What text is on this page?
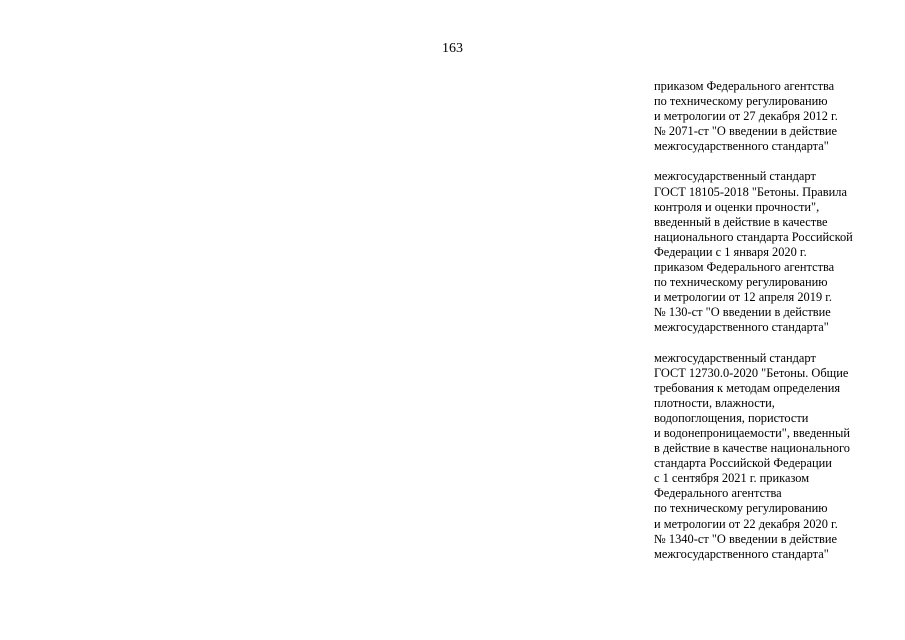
163
приказом Федерального агентства
по техническому регулированию
и метрологии от 27 декабря 2012 г.
№ 2071-ст "О введении в действие
межгосударственного стандарта"
межгосударственный стандарт
ГОСТ 18105-2018 "Бетоны. Правила
контроля и оценки прочности",
введенный в действие в качестве
национального стандарта Российской
Федерации с 1 января 2020 г.
приказом Федерального агентства
по техническому регулированию
и метрологии от 12 апреля 2019 г.
№ 130-ст "О введении в действие
межгосударственного стандарта"
межгосударственный стандарт
ГОСТ 12730.0-2020 "Бетоны. Общие
требования к методам определения
плотности, влажности,
водопоглощения, пористости
и водонепроницаемости", введенный
в действие в качестве национального
стандарта Российской Федерации
с 1 сентября 2021 г. приказом
Федерального агентства
по техническому регулированию
и метрологии от 22 декабря 2020 г.
№ 1340-ст "О введении в действие
межгосударственного стандарта"
